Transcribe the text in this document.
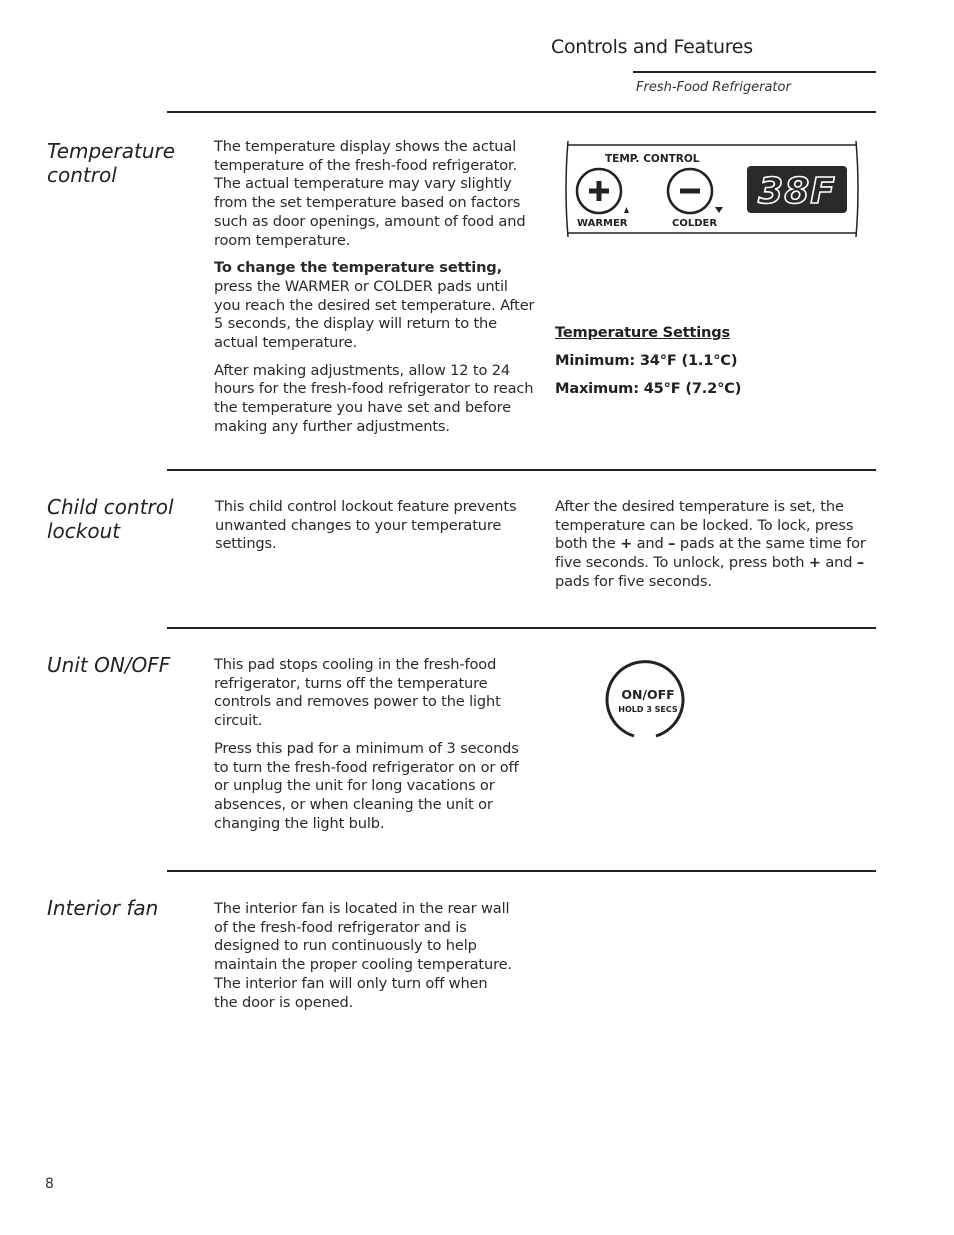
Controls and Features
Fresh-Food Refrigerator
Temperature control

The temperature display shows the actual temperature of the fresh-food refrigerator. The actual temperature may vary slightly from the set temperature based on factors such as door openings, amount of food and room temperature.

To change the temperature setting, press the WARMER or COLDER pads until you reach the desired set temperature. After 5 seconds, the display will return to the actual temperature.

After making adjustments, allow 12 to 24 hours for the fresh-food refrigerator to reach the temperature you have set and before making any further adjustments.

TEMP. CONTROL
WARMER	COLDER
38F
Temperature Settings
Minimum: 34°F (1.1°C)
Maximum: 45°F (7.2°C)
Child control lockout

This child control lockout feature prevents unwanted changes to your temperature settings.

After the desired temperature is set, the temperature can be locked. To lock, press both the + and – pads at the same time for five seconds. To unlock, press both + and – pads for five seconds.

Unit ON/OFF	This pad stops cooling in the fresh-food refrigerator, turns off the temperature controls and removes power to the light circuit.

Press this pad for a minimum of 3 seconds to turn the fresh-food refrigerator on or off or unplug the unit for long vacations or absences, or when cleaning the unit or changing the light bulb.

ON/OFF
HOLD 3 SECS
Interior fan	The interior fan is located in the rear wall of the fresh-food refrigerator and is designed to run continuously to help maintain the proper cooling temperature. The interior fan will only turn off when the door is opened.

8
